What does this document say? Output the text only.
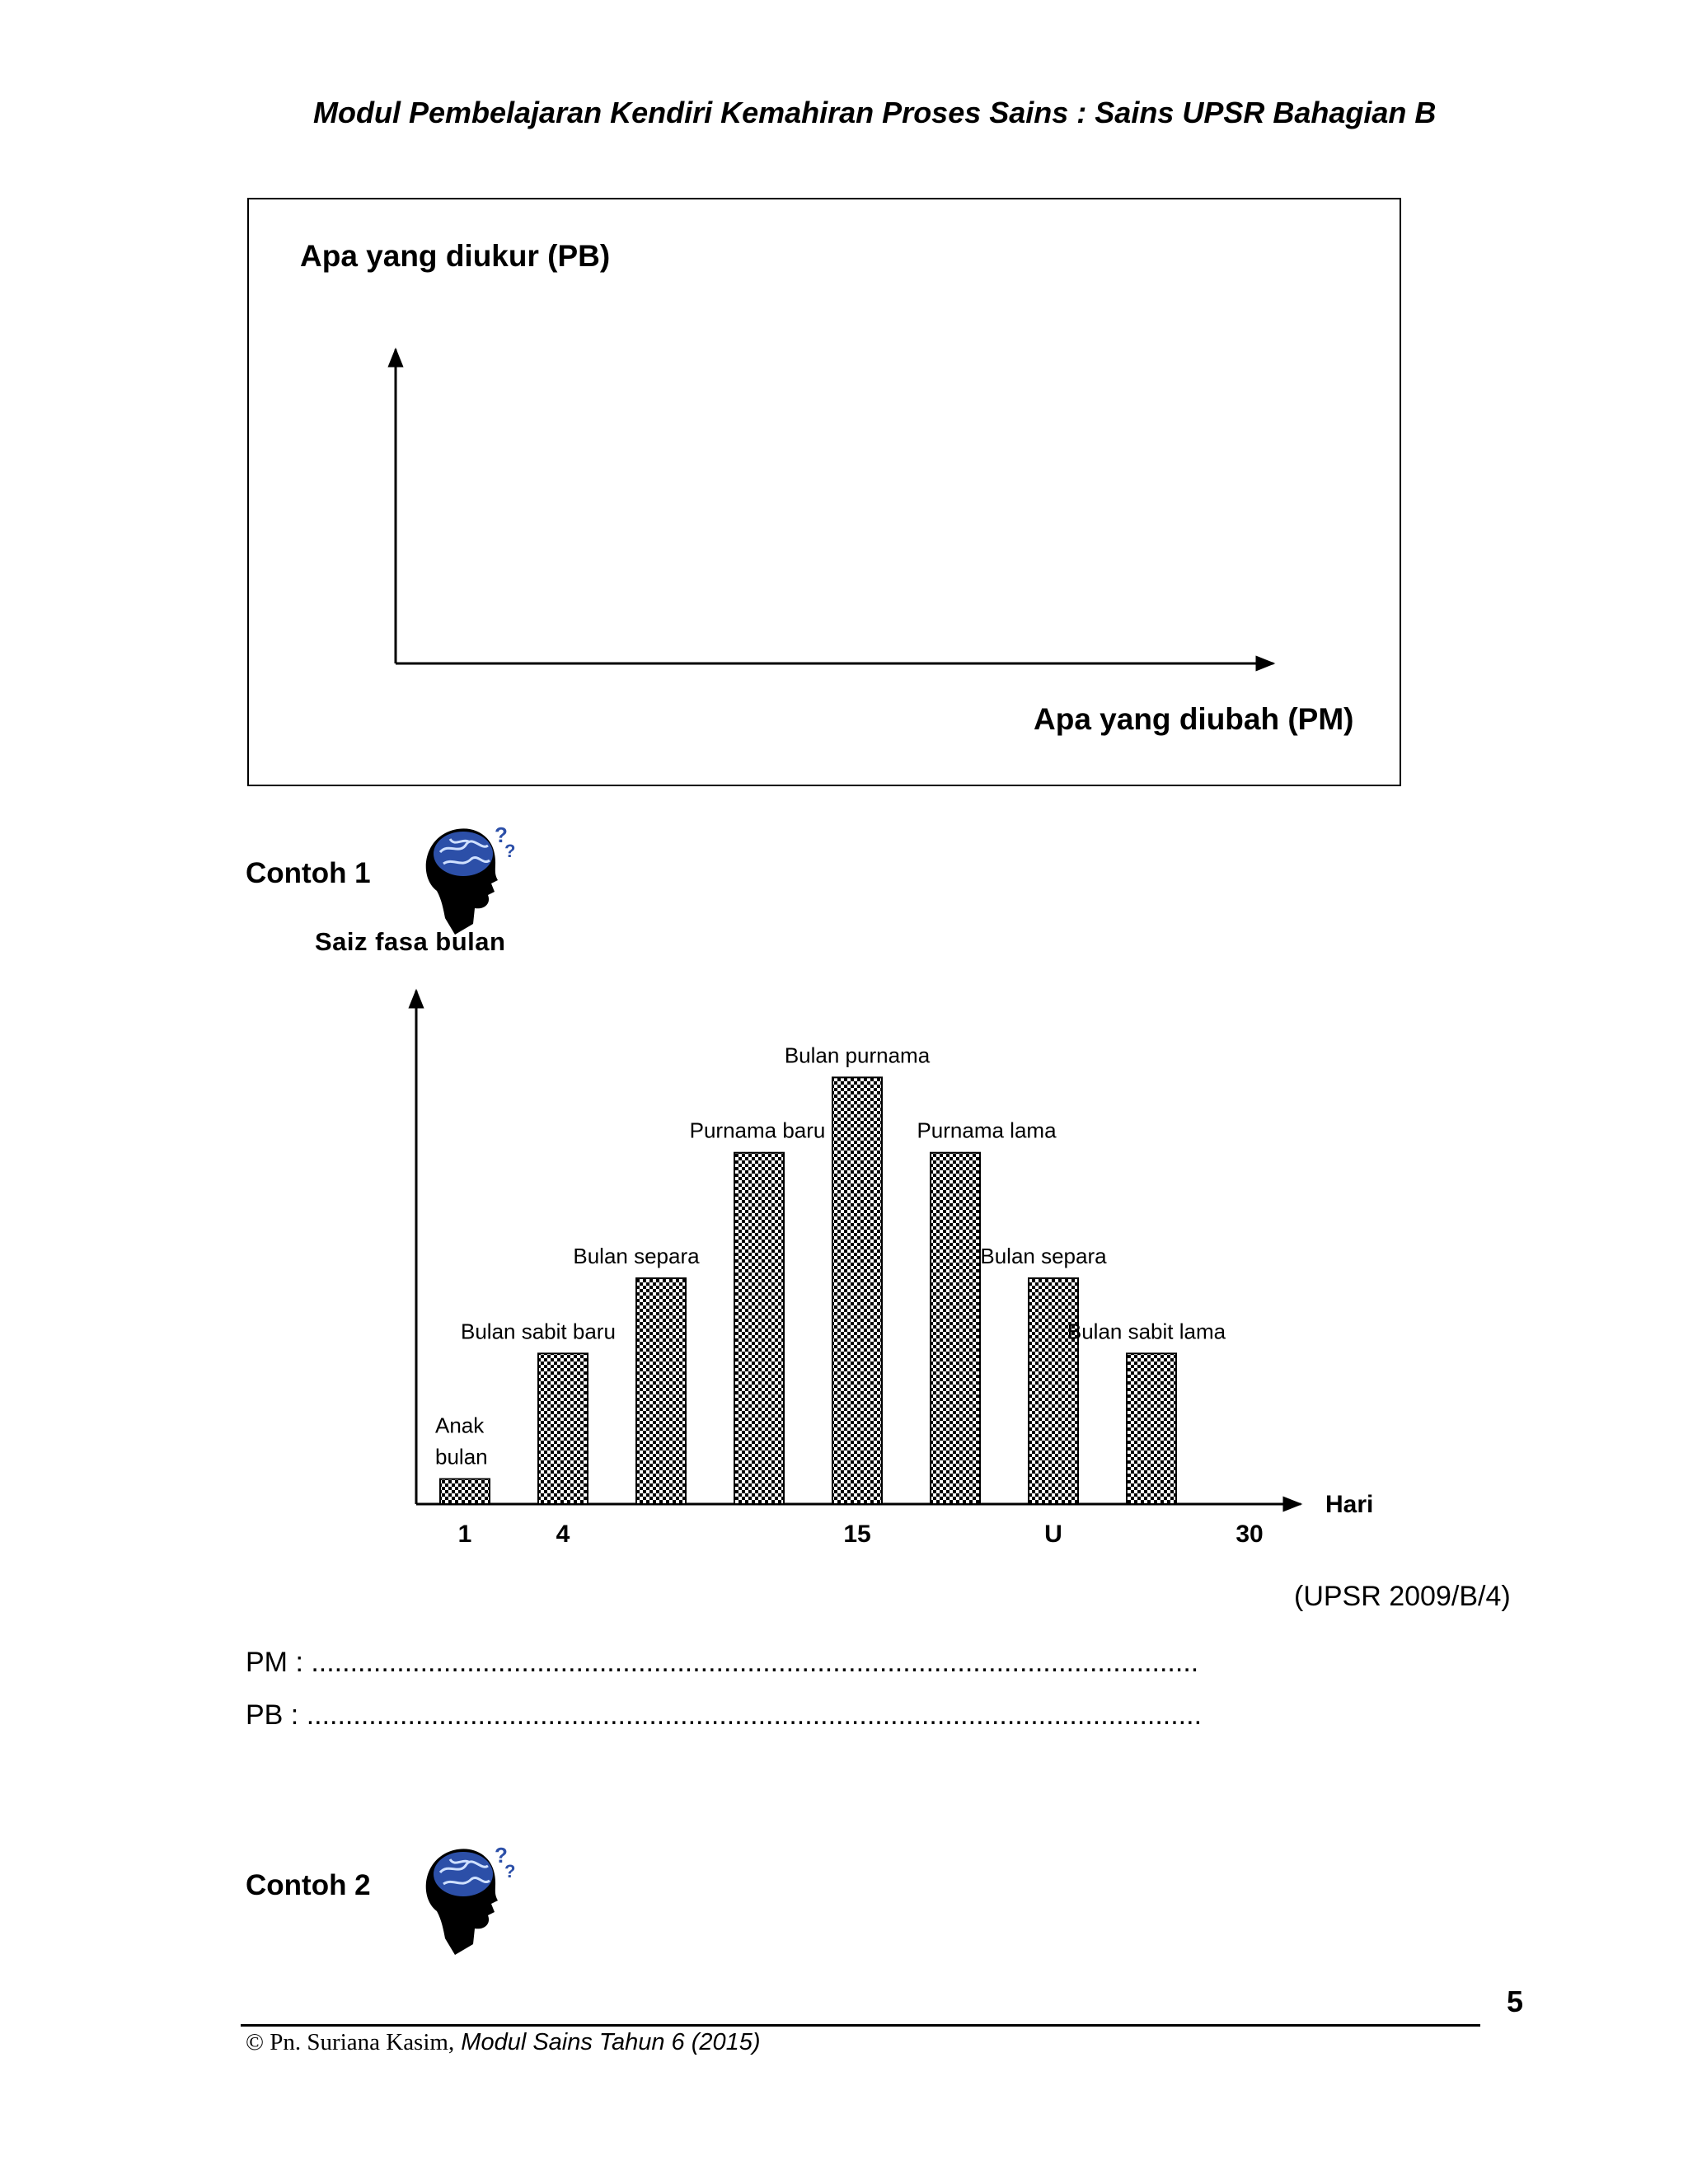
Modul Pembelajaran Kendiri Kemahiran Proses Sains : Sains UPSR Bahagian B
Apa yang diukur (PB)
Apa yang diubah (PM)
Contoh 1
?
?
Saiz fasa bulan
Anak
bulan
Bulan sabit baru
Bulan separa
Purnama baru
Bulan purnama
Purnama lama
Bulan separa
Bulan sabit lama
1	4	15	U	30
Hari
(UPSR 2009/B/4)
PM : ..................................................................................................................
PB : ...................................................................................................................
Contoh 2
?
?
5
© Pn. Suriana Kasim, Modul Sains Tahun 6 (2015)
